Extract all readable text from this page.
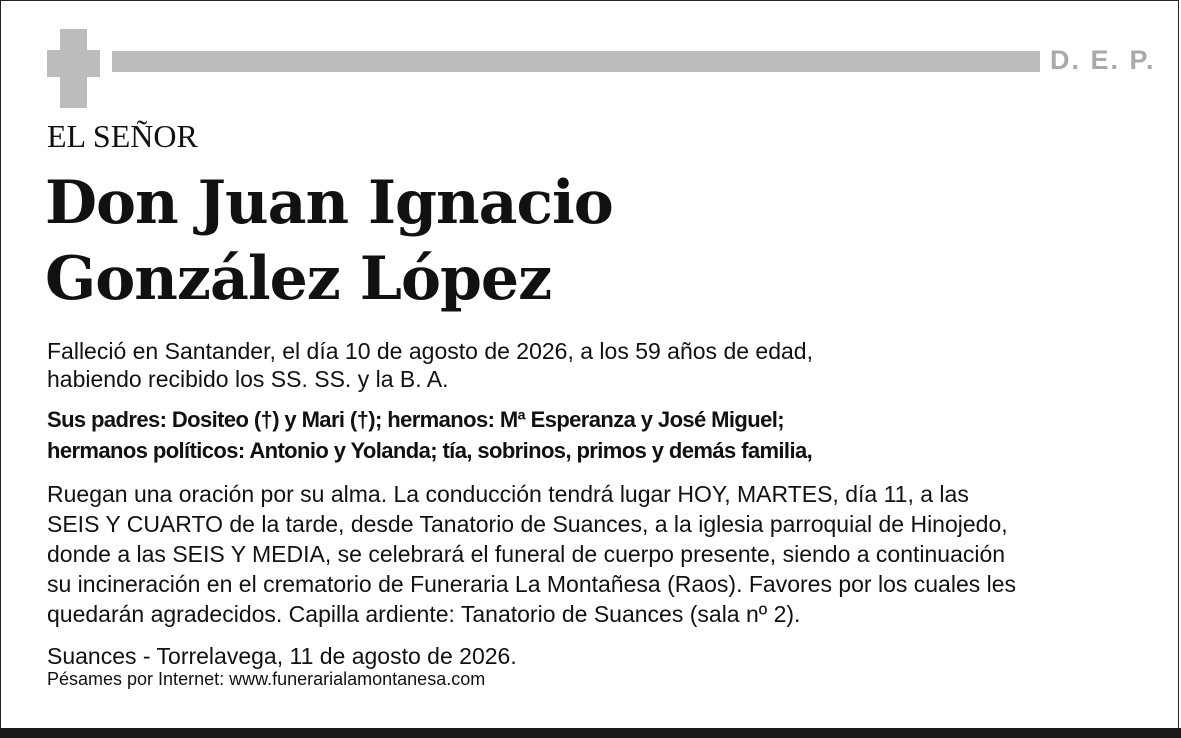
D. E. P.
EL SEÑOR
Don Juan Ignacio
González López
Falleció en Santander, el día 10 de agosto de 2026, a los 59 años de edad,
habiendo recibido los SS. SS. y la B. A.
Sus padres: Dositeo (†) y Mari (†); hermanos: Mª Esperanza y José Miguel;
hermanos políticos: Antonio y Yolanda; tía, sobrinos, primos y demás familia,
Ruegan una oración por su alma. La conducción tendrá lugar HOY, MARTES, día 11, a las
SEIS Y CUARTO de la tarde, desde Tanatorio de Suances, a la iglesia parroquial de Hinojedo,
donde a las SEIS Y MEDIA, se celebrará el funeral de cuerpo presente, siendo a continuación
su incineración en el crematorio de Funeraria La Montañesa (Raos). Favores por los cuales les
quedarán agradecidos. Capilla ardiente: Tanatorio de Suances (sala nº 2).
Suances - Torrelavega, 11 de agosto de 2026.
Pésames por Internet: www.funerarialamontanesa.com
